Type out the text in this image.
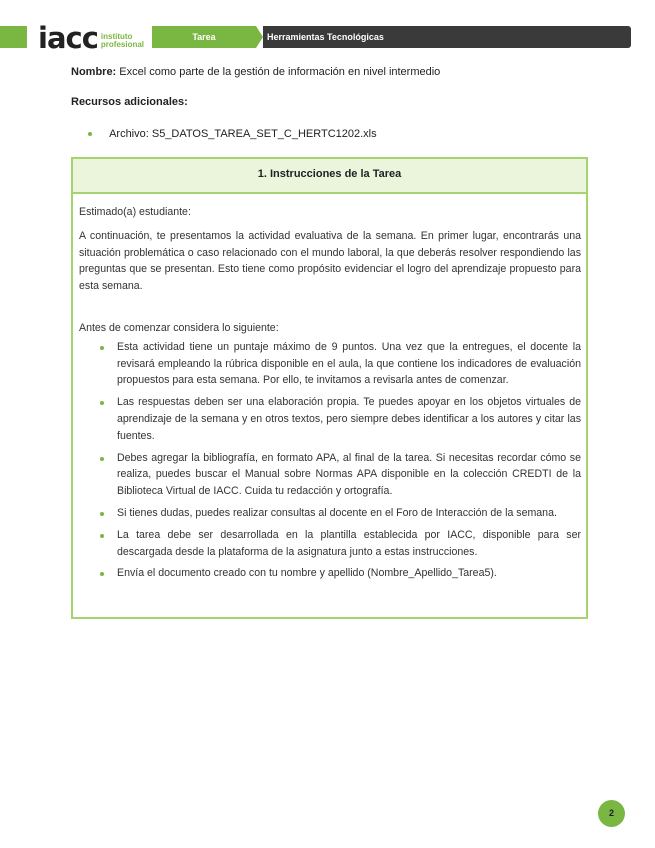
iacc instituto
profesional
Tarea	Herramientas Tecnológicas
Nombre: Excel como parte de la gestión de información en nivel intermedio
Recursos adicionales:
Archivo: S5_DATOS_TAREA_SET_C_HERTC1202.xls
1. Instrucciones de la Tarea

Estimado(a) estudiante:

A continuación, te presentamos la actividad evaluativa de la semana. En primer lugar, encontrarás una situación problemática o caso relacionado con el mundo laboral, la que deberás resolver respondiendo las preguntas que se presentan. Esto tiene como propósito evidenciar el logro del aprendizaje propuesto para esta semana.

Antes de comenzar considera lo siguiente:

Esta actividad tiene un puntaje máximo de 9 puntos. Una vez que la entregues, el docente la revisará empleando la rúbrica disponible en el aula, la que contiene los indicadores de evaluación propuestos para esta semana. Por ello, te invitamos a revisarla antes de comenzar.
Las respuestas deben ser una elaboración propia. Te puedes apoyar en los objetos virtuales de aprendizaje de la semana y en otros textos, pero siempre debes identificar a los autores y citar las fuentes.
Debes agregar la bibliografía, en formato APA, al final de la tarea. Si necesitas recordar cómo se realiza, puedes buscar el Manual sobre Normas APA disponible en la colección CREDTI de la Biblioteca Virtual de IACC. Cuida tu redacción y ortografía.
Si tienes dudas, puedes realizar consultas al docente en el Foro de Interacción de la semana.
La tarea debe ser desarrollada en la plantilla establecida por IACC, disponible para ser descargada desde la plataforma de la asignatura junto a estas instrucciones.
Envía el documento creado con tu nombre y apellido (Nombre_Apellido_Tarea5).
2
